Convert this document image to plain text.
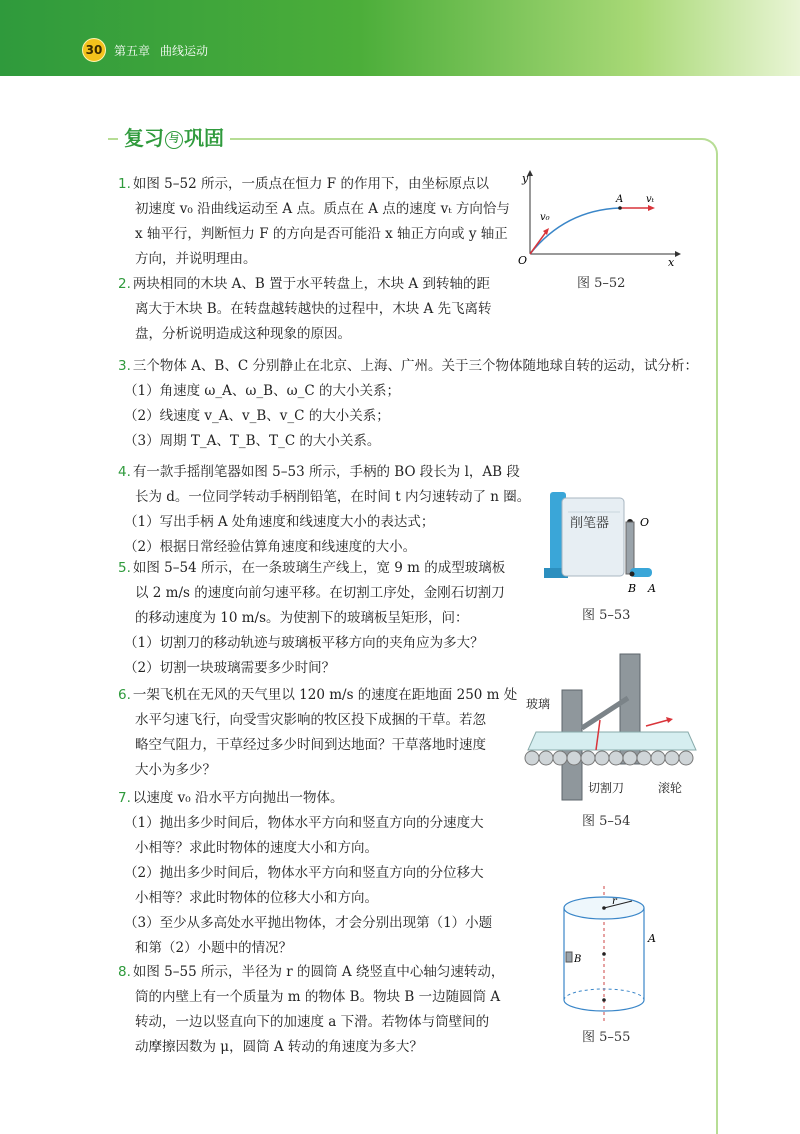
30 第五章 曲线运动
复习 与 巩固
1. 如图 5–52 所示，一质点在恒力 F 的作用下，由坐标原点以
初速度 v₀ 沿曲线运动至 A 点。质点在 A 点的速度 vₜ 方向恰与
x 轴平行，判断恒力 F 的方向是否可能沿 x 轴正方向或 y 轴正
方向，并说明理由。
2. 两块相同的木块 A、B 置于水平转盘上，木块 A 到转轴的距
离大于木块 B。在转盘越转越快的过程中，木块 A 先飞离转
盘，分析说明造成这种现象的原因。
3. 三个物体 A、B、C 分别静止在北京、上海、广州。关于三个物体随地球自转的运动，试分析：
（1）角速度 ω_A、ω_B、ω_C 的大小关系；
（2）线速度 v_A、v_B、v_C 的大小关系；
（3）周期 T_A、T_B、T_C 的大小关系。
4. 有一款手摇削笔器如图 5–53 所示，手柄的 BO 段长为 l，AB 段
长为 d。一位同学转动手柄削铅笔，在时间 t 内匀速转动了 n 圈。
（1）写出手柄 A 处角速度和线速度大小的表达式；
（2）根据日常经验估算角速度和线速度的大小。
5. 如图 5–54 所示，在一条玻璃生产线上，宽 9 m 的成型玻璃板
以 2 m/s 的速度向前匀速平移。在切割工序处，金刚石切割刀
的移动速度为 10 m/s。为使割下的玻璃板呈矩形，问：
（1）切割刀的移动轨迹与玻璃板平移方向的夹角应为多大？
（2）切割一块玻璃需要多少时间？
6. 一架飞机在无风的天气里以 120 m/s 的速度在距地面 250 m 处
水平匀速飞行，向受雪灾影响的牧区投下成捆的干草。若忽
略空气阻力，干草经过多少时间到达地面？干草落地时速度
大小为多少？
7. 以速度 v₀ 沿水平方向抛出一物体。
（1）抛出多少时间后，物体水平方向和竖直方向的分速度大
小相等？求此时物体的速度大小和方向。
（2）抛出多少时间后，物体水平方向和竖直方向的分位移大
小相等？求此时物体的位移大小和方向。
（3）至少从多高处水平抛出物体，才会分别出现第（1）小题
和第（2）小题中的情况？
8. 如图 5–55 所示，半径为 r 的圆筒 A 绕竖直中心轴匀速转动，
筒的内壁上有一个质量为 m 的物体 B。物块 B 一边随圆筒 A
转动，一边以竖直向下的加速度 a 下滑。若物体与筒壁间的
动摩擦因数为 μ，圆筒 A 转动的角速度为多大？
y
x
O
A
v₀
vₜ
图 5–52
削笔器	O
B A
图 5–53
玻璃
切割刀	滚轮
图 5–54
r
A
B
图 5–55
